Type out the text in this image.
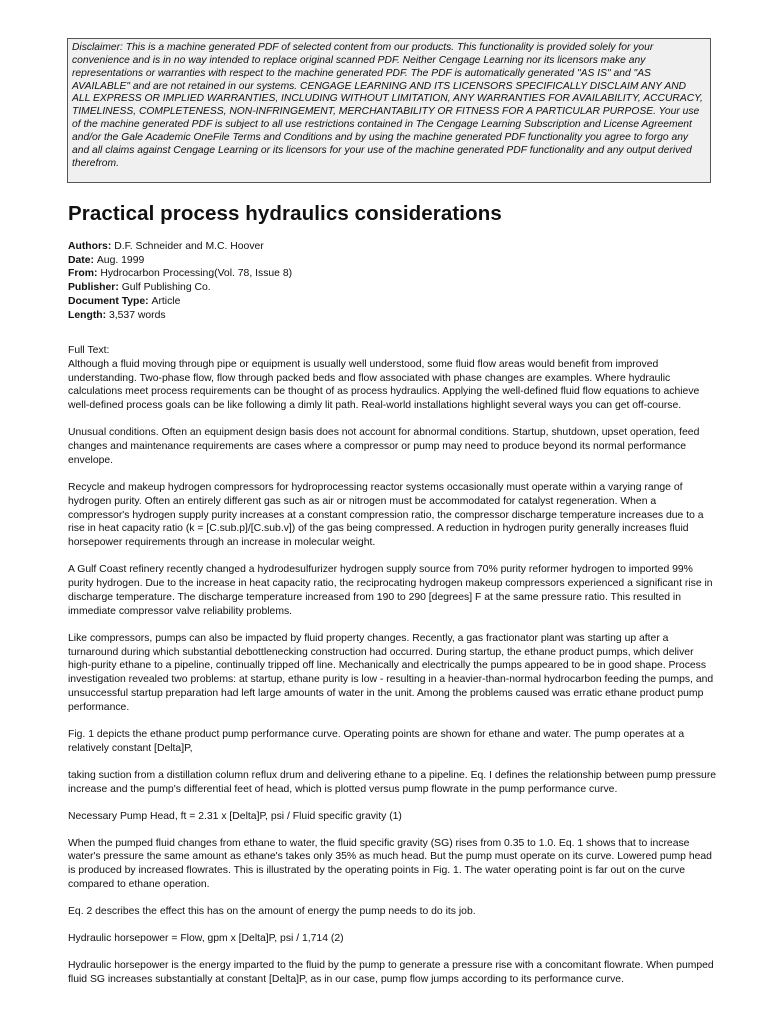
Disclaimer: This is a machine generated PDF of selected content from our products. This functionality is provided solely for your convenience and is in no way intended to replace original scanned PDF. Neither Cengage Learning nor its licensors make any representations or warranties with respect to the machine generated PDF. The PDF is automatically generated "AS IS" and "AS AVAILABLE" and are not retained in our systems. CENGAGE LEARNING AND ITS LICENSORS SPECIFICALLY DISCLAIM ANY AND ALL EXPRESS OR IMPLIED WARRANTIES, INCLUDING WITHOUT LIMITATION, ANY WARRANTIES FOR AVAILABILITY, ACCURACY, TIMELINESS, COMPLETENESS, NON-INFRINGEMENT, MERCHANTABILITY OR FITNESS FOR A PARTICULAR PURPOSE. Your use of the machine generated PDF is subject to all use restrictions contained in The Cengage Learning Subscription and License Agreement and/or the Gale Academic OneFile Terms and Conditions and by using the machine generated PDF functionality you agree to forgo any and all claims against Cengage Learning or its licensors for your use of the machine generated PDF functionality and any output derived therefrom.
Practical process hydraulics considerations
Authors: D.F. Schneider and M.C. Hoover
Date: Aug. 1999
From: Hydrocarbon Processing(Vol. 78, Issue 8)
Publisher: Gulf Publishing Co.
Document Type: Article
Length: 3,537 words
Full Text:

Although a fluid moving through pipe or equipment is usually well understood, some fluid flow areas would benefit from improved understanding. Two-phase flow, flow through packed beds and flow associated with phase changes are examples. Where hydraulic calculations meet process requirements can be thought of as process hydraulics. Applying the well-defined fluid flow equations to achieve well-defined process goals can be like following a dimly lit path. Real-world installations highlight several ways you can get off-course.

Unusual conditions. Often an equipment design basis does not account for abnormal conditions. Startup, shutdown, upset operation, feed changes and maintenance requirements are cases where a compressor or pump may need to produce beyond its normal performance envelope.

Recycle and makeup hydrogen compressors for hydroprocessing reactor systems occasionally must operate within a varying range of hydrogen purity. Often an entirely different gas such as air or nitrogen must be accommodated for catalyst regeneration. When a compressor's hydrogen supply purity increases at a constant compression ratio, the compressor discharge temperature increases due to a rise in heat capacity ratio (k = [C.sub.p]/[C.sub.v]) of the gas being compressed. A reduction in hydrogen purity generally increases fluid horsepower requirements through an increase in molecular weight.

A Gulf Coast refinery recently changed a hydrodesulfurizer hydrogen supply source from 70% purity reformer hydrogen to imported 99% purity hydrogen. Due to the increase in heat capacity ratio, the reciprocating hydrogen makeup compressors experienced a significant rise in discharge temperature. The discharge temperature increased from 190 to 290 [degrees] F at the same pressure ratio. This resulted in immediate compressor valve reliability problems.

Like compressors, pumps can also be impacted by fluid property changes. Recently, a gas fractionator plant was starting up after a turnaround during which substantial debottlenecking construction had occurred. During startup, the ethane product pumps, which deliver high-purity ethane to a pipeline, continually tripped off line. Mechanically and electrically the pumps appeared to be in good shape. Process investigation revealed two problems: at startup, ethane purity is low - resulting in a heavier-than-normal hydrocarbon feeding the pumps, and unsuccessful startup preparation had left large amounts of water in the unit. Among the problems caused was erratic ethane product pump performance.

Fig. 1 depicts the ethane product pump performance curve. Operating points are shown for ethane and water. The pump operates at a relatively constant [Delta]P,

taking suction from a distillation column reflux drum and delivering ethane to a pipeline. Eq. I defines the relationship between pump pressure increase and the pump's differential feet of head, which is plotted versus pump flowrate in the pump performance curve.

Necessary Pump Head, ft = 2.31 x [Delta]P, psi / Fluid specific gravity (1)

When the pumped fluid changes from ethane to water, the fluid specific gravity (SG) rises from 0.35 to 1.0. Eq. 1 shows that to increase water's pressure the same amount as ethane's takes only 35% as much head. But the pump must operate on its curve. Lowered pump head is produced by increased flowrates. This is illustrated by the operating points in Fig. 1. The water operating point is far out on the curve compared to ethane operation.

Eq. 2 describes the effect this has on the amount of energy the pump needs to do its job.

Hydraulic horsepower = Flow, gpm x [Delta]P, psi / 1,714 (2)

Hydraulic horsepower is the energy imparted to the fluid by the pump to generate a pressure rise with a concomitant flowrate. When pumped fluid SG increases substantially at constant [Delta]P, as in our case, pump flow jumps according to its performance curve.
